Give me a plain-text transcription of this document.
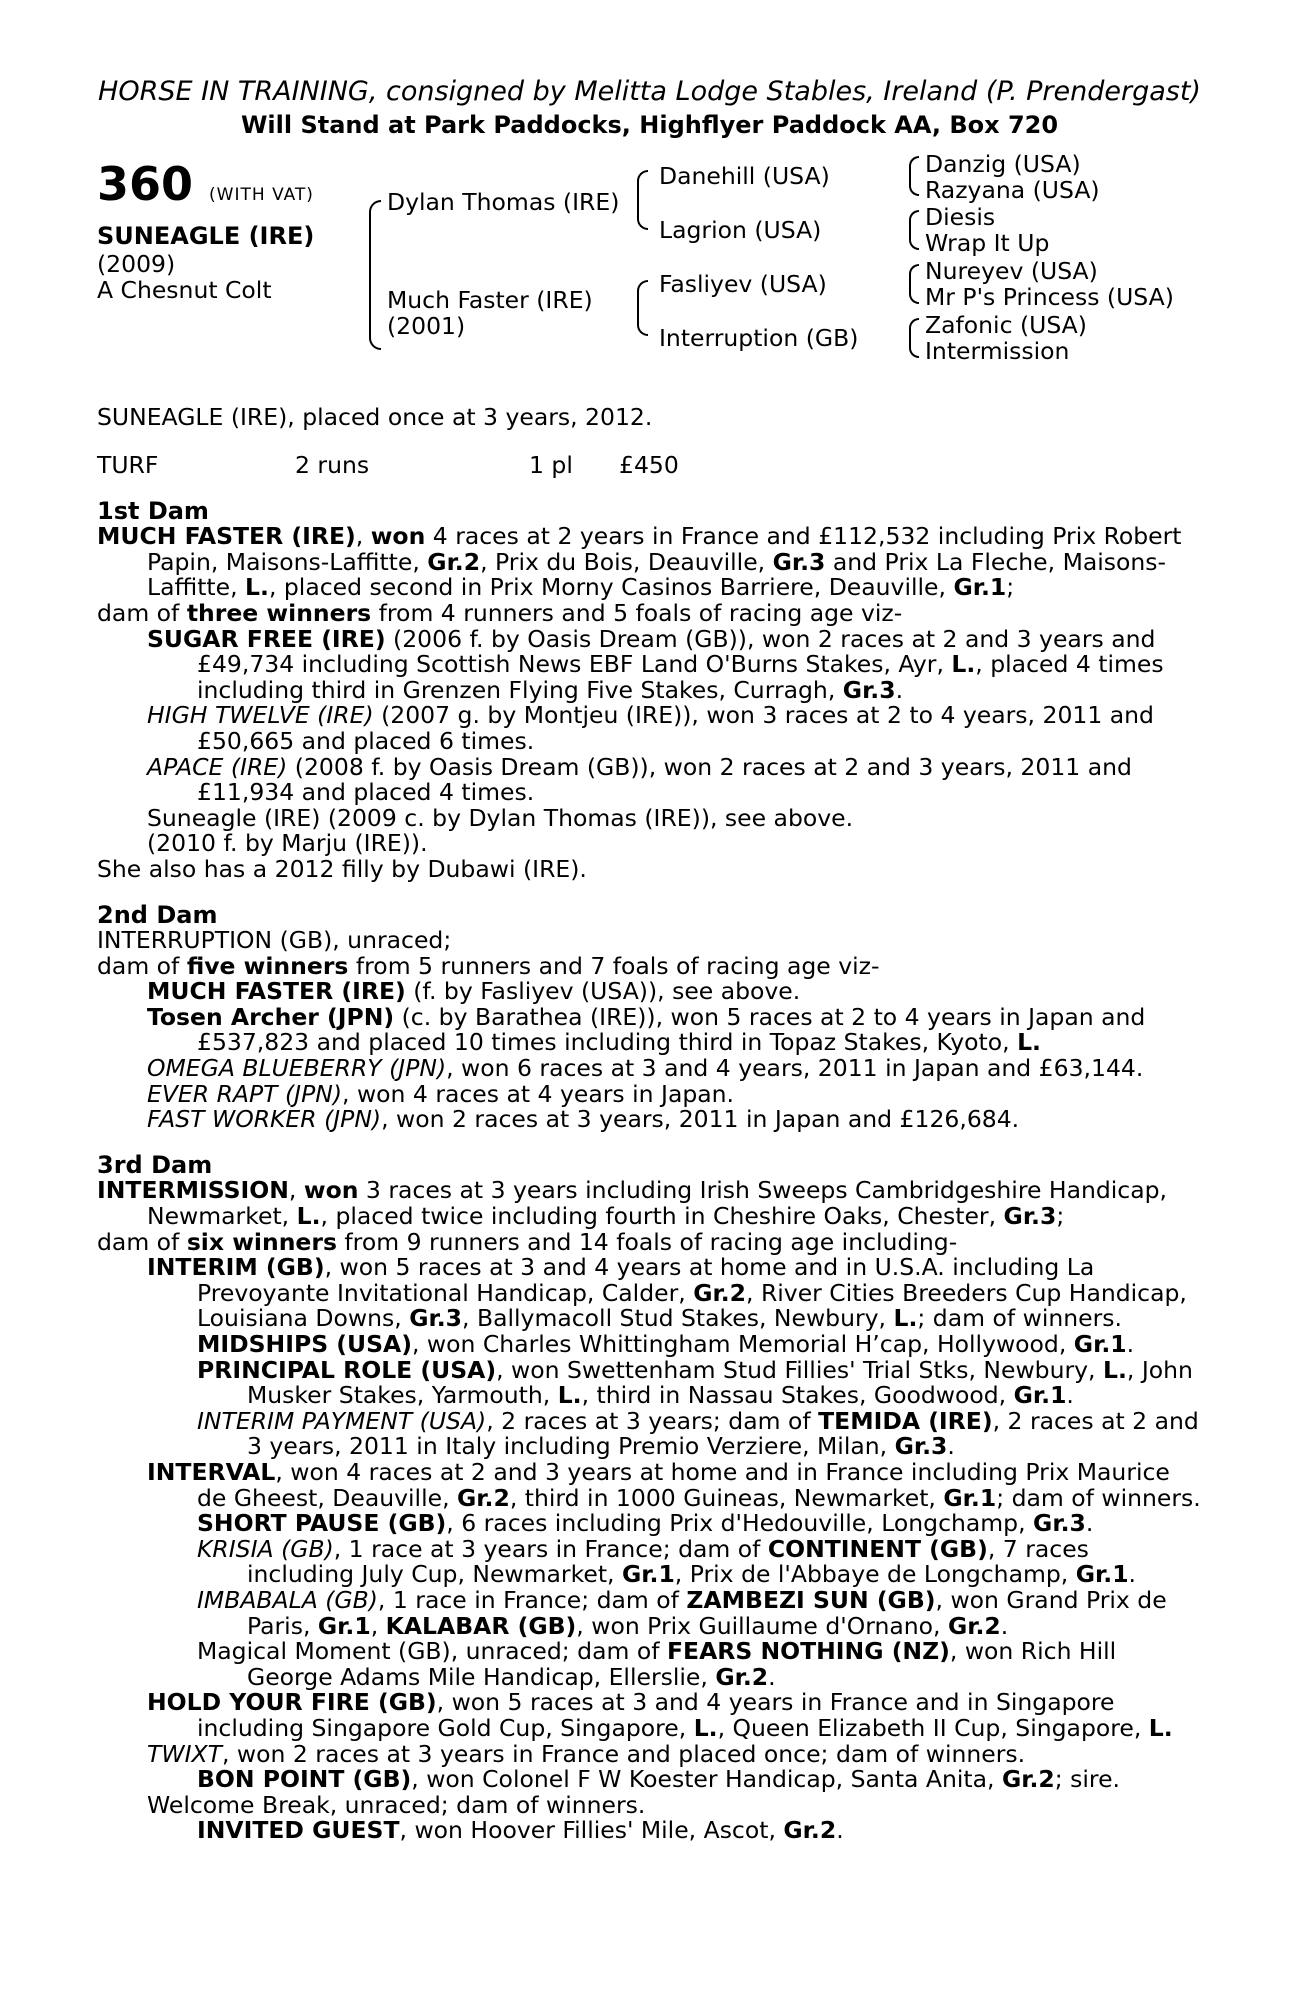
HORSE IN TRAINING, consigned by Melitta Lodge Stables, Ireland (P. Prendergast)
Will Stand at Park Paddocks, Highflyer Paddock AA, Box 720
360 (WITH VAT)
SUNEAGLE (IRE)
(2009)
A Chesnut Colt
Dylan Thomas (IRE)
Much Faster (IRE)
(2001)
Danehill (USA)
Lagrion (USA)
Fasliyev (USA)
Interruption (GB)
Danzig (USA)
Razyana (USA)
Diesis
Wrap It Up
Nureyev (USA)
Mr P's Princess (USA)
Zafonic (USA)
Intermission

SUNEAGLE (IRE), placed once at 3 years, 2012.

TURF	2 runs	1 pl £450
1st Dam

MUCH FASTER (IRE), won 4 races at 2 years in France and £112,532 including Prix Robert Papin, Maisons-Laffitte, Gr.2, Prix du Bois, Deauville, Gr.3 and Prix La Fleche, Maisons-Laffitte, L., placed second in Prix Morny Casinos Barriere, Deauville, Gr.1;

dam of three winners from 4 runners and 5 foals of racing age viz-

SUGAR FREE (IRE) (2006 f. by Oasis Dream (GB)), won 2 races at 2 and 3 years and £49,734 including Scottish News EBF Land O'Burns Stakes, Ayr, L., placed 4 times including third in Grenzen Flying Five Stakes, Curragh, Gr.3.

HIGH TWELVE (IRE) (2007 g. by Montjeu (IRE)), won 3 races at 2 to 4 years, 2011 and £50,665 and placed 6 times.

APACE (IRE) (2008 f. by Oasis Dream (GB)), won 2 races at 2 and 3 years, 2011 and £11,934 and placed 4 times.

Suneagle (IRE) (2009 c. by Dylan Thomas (IRE)), see above.

(2010 f. by Marju (IRE)).

She also has a 2012 filly by Dubawi (IRE).

2nd Dam

INTERRUPTION (GB), unraced;

dam of five winners from 5 runners and 7 foals of racing age viz-

MUCH FASTER (IRE) (f. by Fasliyev (USA)), see above.

Tosen Archer (JPN) (c. by Barathea (IRE)), won 5 races at 2 to 4 years in Japan and £537,823 and placed 10 times including third in Topaz Stakes, Kyoto, L.

OMEGA BLUEBERRY (JPN), won 6 races at 3 and 4 years, 2011 in Japan and £63,144.

EVER RAPT (JPN), won 4 races at 4 years in Japan.

FAST WORKER (JPN), won 2 races at 3 years, 2011 in Japan and £126,684.

3rd Dam

INTERMISSION, won 3 races at 3 years including Irish Sweeps Cambridgeshire Handicap, Newmarket, L., placed twice including fourth in Cheshire Oaks, Chester, Gr.3;

dam of six winners from 9 runners and 14 foals of racing age including-

INTERIM (GB), won 5 races at 3 and 4 years at home and in U.S.A. including La Prevoyante Invitational Handicap, Calder, Gr.2, River Cities Breeders Cup Handicap, Louisiana Downs, Gr.3, Ballymacoll Stud Stakes, Newbury, L.; dam of winners.

MIDSHIPS (USA), won Charles Whittingham Memorial H’cap, Hollywood, Gr.1.

PRINCIPAL ROLE (USA), won Swettenham Stud Fillies' Trial Stks, Newbury, L., John Musker Stakes, Yarmouth, L., third in Nassau Stakes, Goodwood, Gr.1.

INTERIM PAYMENT (USA), 2 races at 3 years; dam of TEMIDA (IRE), 2 races at 2 and 3 years, 2011 in Italy including Premio Verziere, Milan, Gr.3.

INTERVAL, won 4 races at 2 and 3 years at home and in France including Prix Maurice de Gheest, Deauville, Gr.2, third in 1000 Guineas, Newmarket, Gr.1; dam of winners.

SHORT PAUSE (GB), 6 races including Prix d'Hedouville, Longchamp, Gr.3.

KRISIA (GB), 1 race at 3 years in France; dam of CONTINENT (GB), 7 races including July Cup, Newmarket, Gr.1, Prix de l'Abbaye de Longchamp, Gr.1.

IMBABALA (GB), 1 race in France; dam of ZAMBEZI SUN (GB), won Grand Prix de Paris, Gr.1, KALABAR (GB), won Prix Guillaume d'Ornano, Gr.2.

Magical Moment (GB), unraced; dam of FEARS NOTHING (NZ), won Rich Hill George Adams Mile Handicap, Ellerslie, Gr.2.

HOLD YOUR FIRE (GB), won 5 races at 3 and 4 years in France and in Singapore including Singapore Gold Cup, Singapore, L., Queen Elizabeth II Cup, Singapore, L.

TWIXT, won 2 races at 3 years in France and placed once; dam of winners.

BON POINT (GB), won Colonel F W Koester Handicap, Santa Anita, Gr.2; sire.

Welcome Break, unraced; dam of winners.

INVITED GUEST, won Hoover Fillies' Mile, Ascot, Gr.2.
